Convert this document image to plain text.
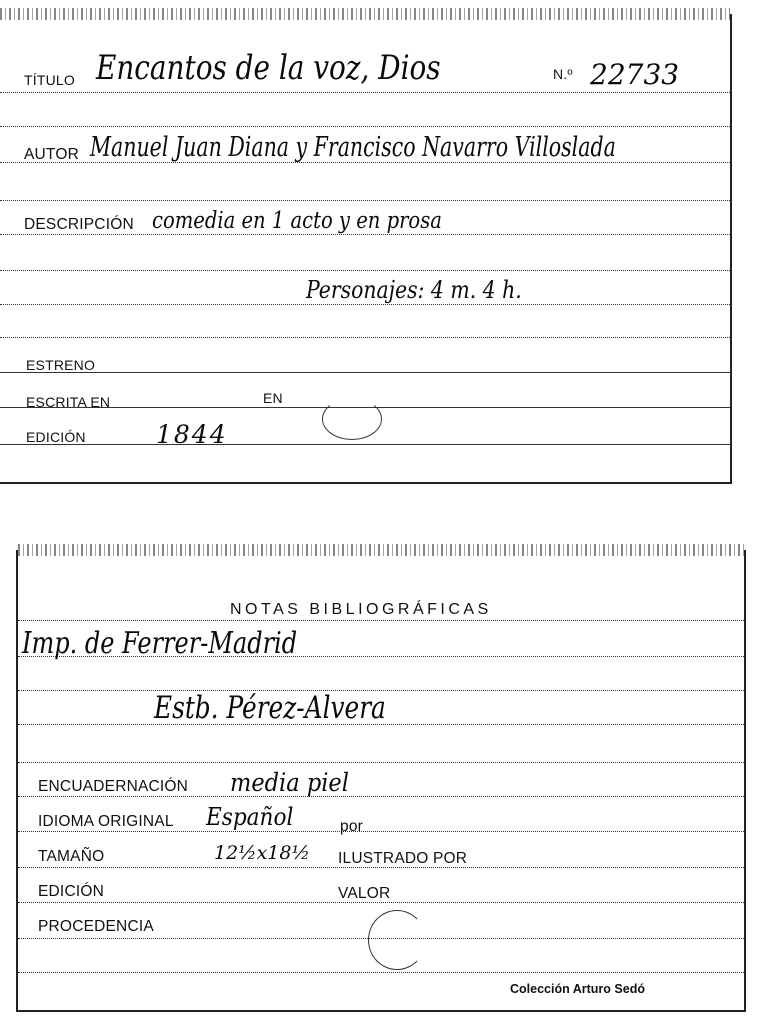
TÍTULO Encantos de la voz, Dios	N.º 22733
AUTOR Manuel Juan Diana y Francisco Navarro Villoslada
DESCRIPCIÓN comedia en 1 acto y en prosa
Personajes: 4 m. 4 h.
ESTRENO
ESCRITA EN	EN
EDICIÓN	1844
NOTAS BIBLIOGRÁFICAS
Imp. de Ferrer-Madrid
Estb. Pérez-Alvera
ENCUADERNACIÓN media piel
IDIOMA ORIGINAL Español	por
TAMAÑO	12½x18½ ILUSTRADO POR
EDICIÓN	VALOR
PROCEDENCIA
Colección Arturo Sedó
